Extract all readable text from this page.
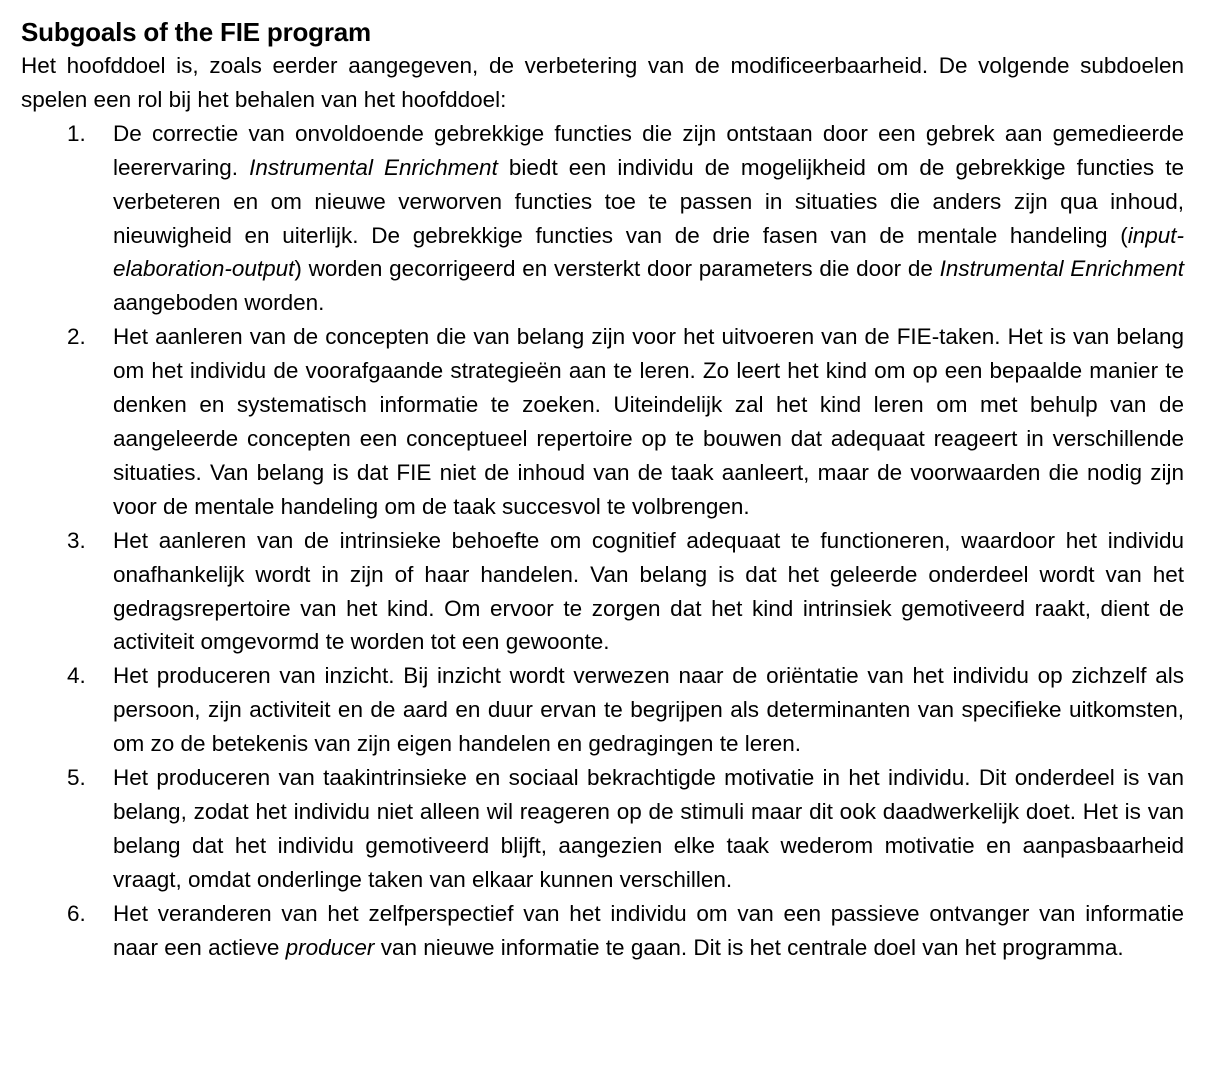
Subgoals of the FIE program

Het hoofddoel is, zoals eerder aangegeven, de verbetering van de modificeerbaarheid. De volgende subdoelen spelen een rol bij het behalen van het hoofddoel:

1. De correctie van onvoldoende gebrekkige functies die zijn ontstaan door een gebrek aan gemedieerde leerervaring. Instrumental Enrichment biedt een individu de mogelijkheid om de gebrekkige functies te verbeteren en om nieuwe verworven functies toe te passen in situaties die anders zijn qua inhoud, nieuwigheid en uiterlijk. De gebrekkige functies van de drie fasen van de mentale handeling (input-elaboration-output) worden gecorrigeerd en versterkt door parameters die door de Instrumental Enrichment aangeboden worden.
2. Het aanleren van de concepten die van belang zijn voor het uitvoeren van de FIE-taken. Het is van belang om het individu de voorafgaande strategieën aan te leren. Zo leert het kind om op een bepaalde manier te denken en systematisch informatie te zoeken. Uiteindelijk zal het kind leren om met behulp van de aangeleerde concepten een conceptueel repertoire op te bouwen dat adequaat reageert in verschillende situaties. Van belang is dat FIE niet de inhoud van de taak aanleert, maar de voorwaarden die nodig zijn voor de mentale handeling om de taak succesvol te volbrengen.
3. Het aanleren van de intrinsieke behoefte om cognitief adequaat te functioneren, waardoor het individu onafhankelijk wordt in zijn of haar handelen. Van belang is dat het geleerde onderdeel wordt van het gedragsrepertoire van het kind. Om ervoor te zorgen dat het kind intrinsiek gemotiveerd raakt, dient de activiteit omgevormd te worden tot een gewoonte.
4. Het produceren van inzicht. Bij inzicht wordt verwezen naar de oriëntatie van het individu op zichzelf als persoon, zijn activiteit en de aard en duur ervan te begrijpen als determinanten van specifieke uitkomsten, om zo de betekenis van zijn eigen handelen en gedragingen te leren.
5. Het produceren van taakintrinsieke en sociaal bekrachtigde motivatie in het individu. Dit onderdeel is van belang, zodat het individu niet alleen wil reageren op de stimuli maar dit ook daadwerkelijk doet. Het is van belang dat het individu gemotiveerd blijft, aangezien elke taak wederom motivatie en aanpasbaarheid vraagt, omdat onderlinge taken van elkaar kunnen verschillen.
6. Het veranderen van het zelfperspectief van het individu om van een passieve ontvanger van informatie naar een actieve producer van nieuwe informatie te gaan. Dit is het centrale doel van het programma.
